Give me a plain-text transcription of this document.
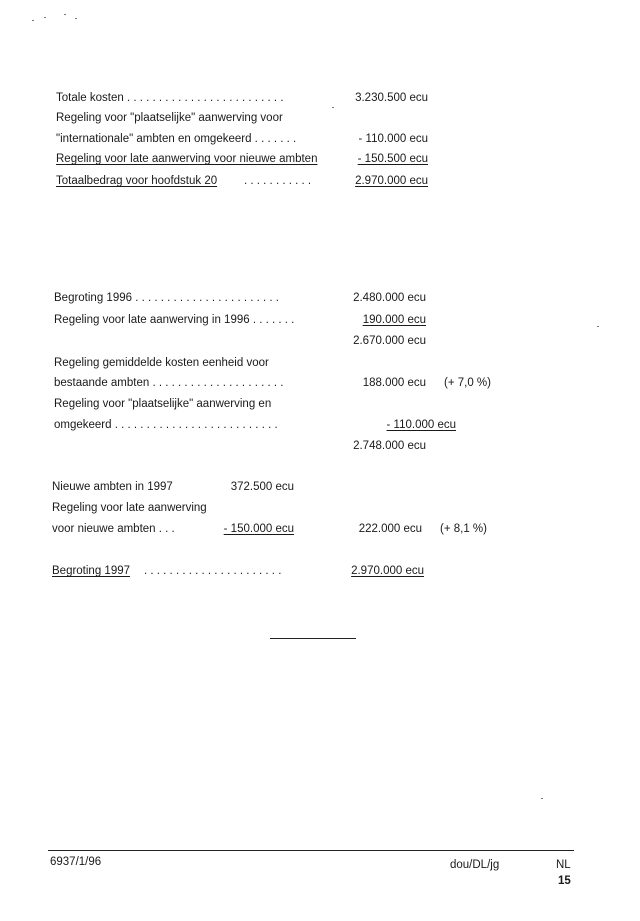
Totale kosten . . . . . . . . . . . . . . . . . . . . . . . . .	3.230.500 ecu
Regeling voor "plaatselijke" aanwerving voor
"internationale" ambten en omgekeerd . . . . . . .	- 110.000 ecu
Regeling voor late aanwerving voor nieuwe ambten	- 150.500 ecu
Totaalbedrag voor hoofdstuk 20 . . . . . . . . . . .	2.970.000 ecu
Begroting 1996 . . . . . . . . . . . . . . . . . . . . . . .	2.480.000 ecu
Regeling voor late aanwerving in 1996 . . . . . . .	190.000 ecu
2.670.000 ecu
Regeling gemiddelde kosten eenheid voor
bestaande ambten . . . . . . . . . . . . . . . . . . . . .	188.000 ecu (+ 7,0 %)
Regeling voor "plaatselijke" aanwerving en
omgekeerd . . . . . . . . . . . . . . . . . . . . . . . . . .	- 110.000 ecu
2.748.000 ecu
Nieuwe ambten in 1997	372.500 ecu
Regeling voor late aanwerving
voor nieuwe ambten . . .	- 150.000 ecu	222.000 ecu (+ 8,1 %)
Begroting 1997 . . . . . . . . . . . . . . . . . . . . . .	2.970.000 ecu
6937/1/96	dou/DL/jg	NL
15
